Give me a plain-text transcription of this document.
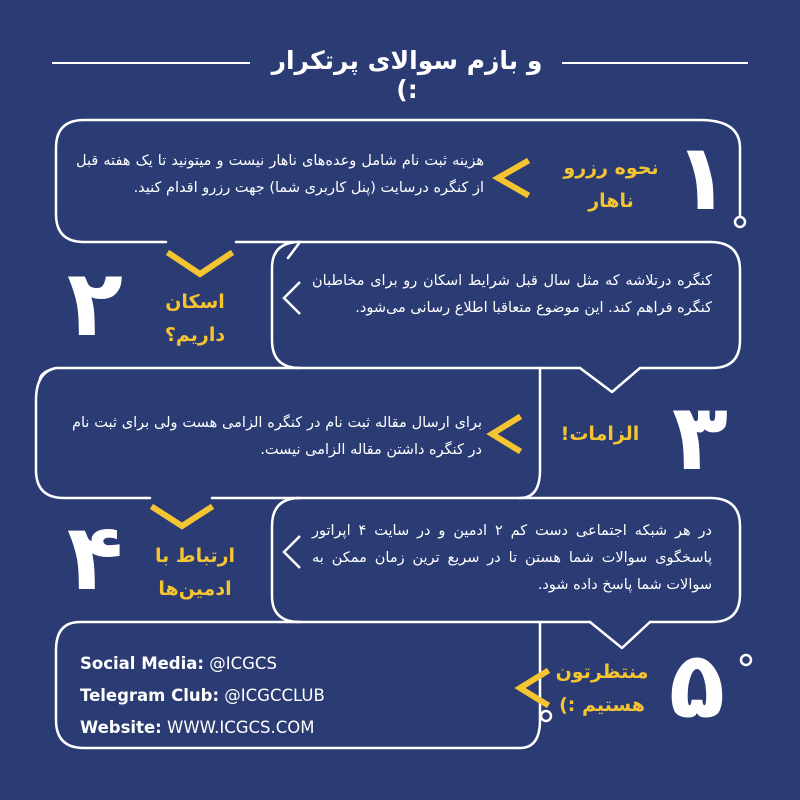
و بازم سوالای پرتکرار :)
۱
نحوه رزرو
ناهار
هزینه ثبت نام شامل وعده‌های ناهار نیست و میتونید تا یک هفته قبل از کنگره درسایت (پنل کاربری شما) جهت رزرو اقدام کنید.
۲	اسکان
داریم؟
کنگره درتلاشه که مثل سال قبل شرایط اسکان رو برای مخاطبان کنگره فراهم کند. این موضوع متعاقبا اطلاع رسانی می‌شود.
۳
الزامات!
برای ارسال مقاله ثبت نام در کنگره الزامی هست ولی برای ثبت نام در کنگره داشتن مقاله الزامی نیست.
۴	ارتباط با
ادمین‌ها
در هر شبکه اجتماعی دست کم ۲ ادمین و در سایت ۴ اپراتور پاسخگوی سوالات شما هستن تا در سریع ترین زمان ممکن به سوالات شما پاسخ داده شود.
۵
منتظرتون
هستیم :)
Social Media: @ICGCS
Telegram Club: @ICGCCLUB
Website: WWW.ICGCS.COM
